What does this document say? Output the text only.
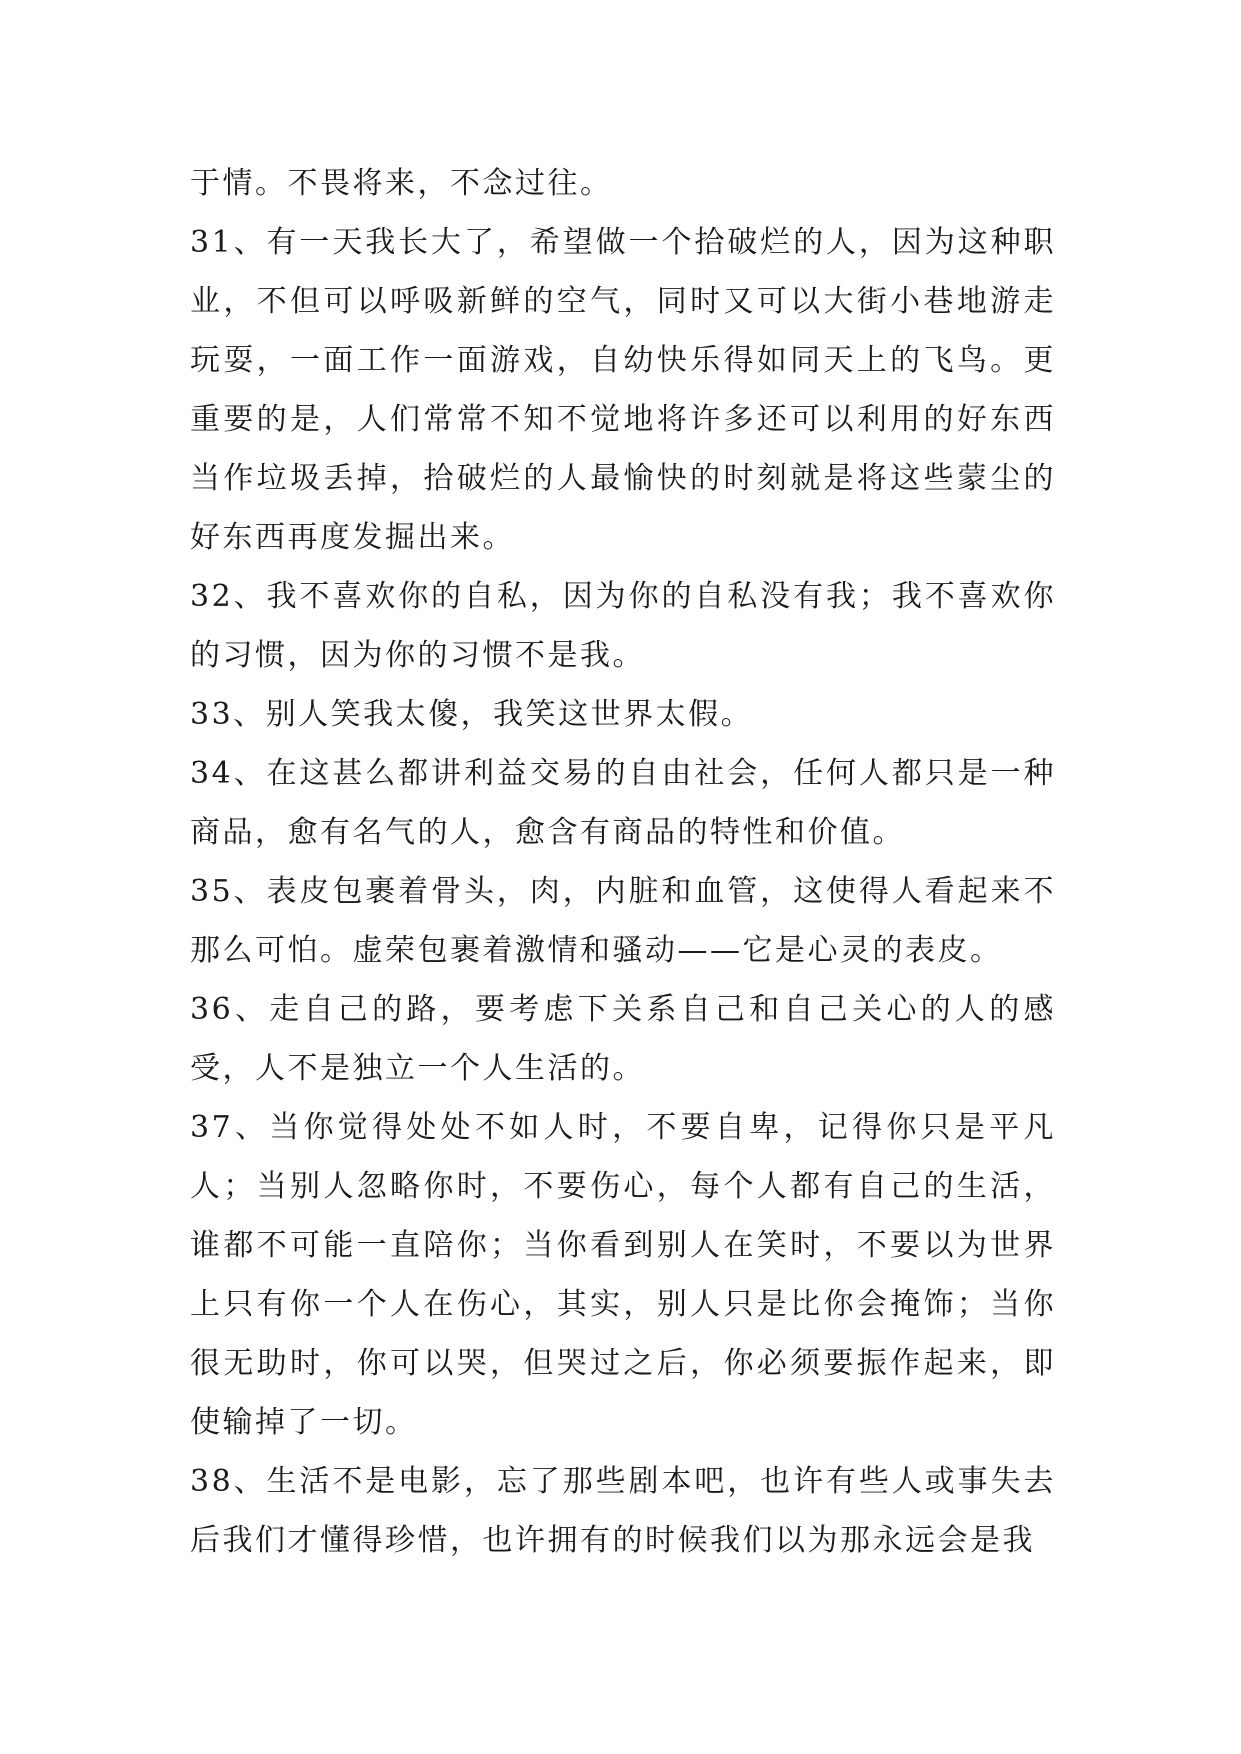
于情。不畏将来，不念过往。

31、有一天我长大了，希望做一个拾破烂的人，因为这种职业，不但可以呼吸新鲜的空气，同时又可以大街小巷地游走玩耍，一面工作一面游戏，自幼快乐得如同天上的飞鸟。更重要的是，人们常常不知不觉地将许多还可以利用的好东西当作垃圾丢掉，拾破烂的人最愉快的时刻就是将这些蒙尘的好东西再度发掘出来。

32、我不喜欢你的自私，因为你的自私没有我；我不喜欢你的习惯，因为你的习惯不是我。

33、别人笑我太傻，我笑这世界太假。

34、在这甚么都讲利益交易的自由社会，任何人都只是一种商品，愈有名气的人，愈含有商品的特性和价值。

35、表皮包裹着骨头，肉，内脏和血管，这使得人看起来不那么可怕。虚荣包裹着激情和骚动——它是心灵的表皮。

36、走自己的路，要考虑下关系自己和自己关心的人的感受，人不是独立一个人生活的。

37、当你觉得处处不如人时，不要自卑，记得你只是平凡人；当别人忽略你时，不要伤心，每个人都有自己的生活，谁都不可能一直陪你；当你看到别人在笑时，不要以为世界上只有你一个人在伤心，其实，别人只是比你会掩饰；当你很无助时，你可以哭，但哭过之后，你必须要振作起来，即使输掉了一切。

38、生活不是电影，忘了那些剧本吧，也许有些人或事失去后我们才懂得珍惜，也许拥有的时候我们以为那永远会是我
